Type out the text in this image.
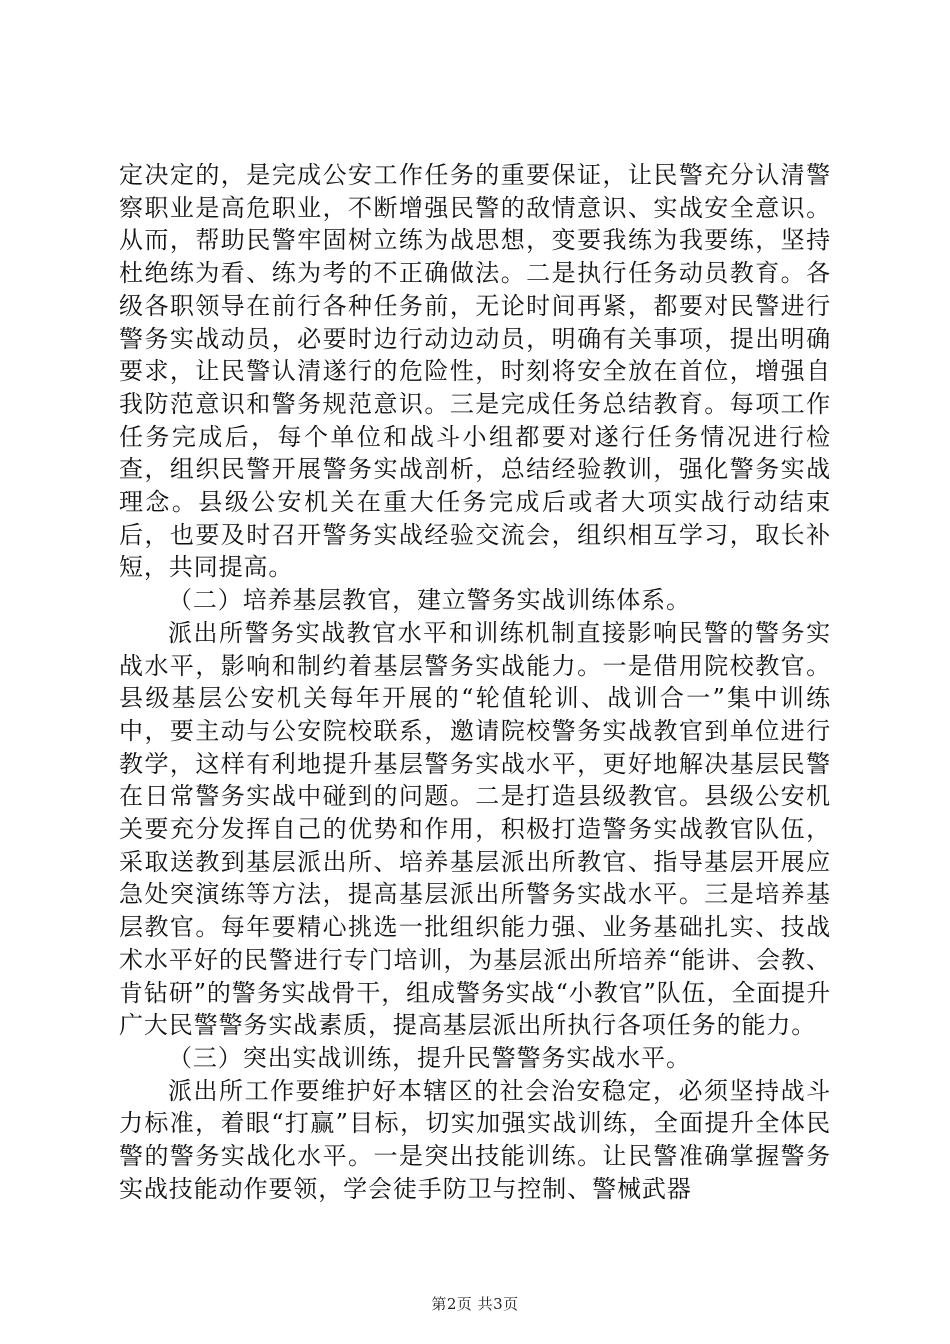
定决定的，是完成公安工作任务的重要保证，让民警充分认清警察职业是高危职业，不断增强民警的敌情意识、实战安全意识。从而，帮助民警牢固树立练为战思想，变要我练为我要练，坚持杜绝练为看、练为考的不正确做法。二是执行任务动员教育。各级各职领导在前行各种任务前，无论时间再紧，都要对民警进行警务实战动员，必要时边行动边动员，明确有关事项，提出明确要求，让民警认清遂行的危险性，时刻将安全放在首位，增强自我防范意识和警务规范意识。三是完成任务总结教育。每项工作任务完成后，每个单位和战斗小组都要对遂行任务情况进行检查，组织民警开展警务实战剖析，总结经验教训，强化警务实战理念。县级公安机关在重大任务完成后或者大项实战行动结束后，也要及时召开警务实战经验交流会，组织相互学习，取长补短，共同提高。

（二）培养基层教官，建立警务实战训练体系。

派出所警务实战教官水平和训练机制直接影响民警的警务实战水平，影响和制约着基层警务实战能力。一是借用院校教官。县级基层公安机关每年开展的“轮值轮训、战训合一”集中训练中，要主动与公安院校联系，邀请院校警务实战教官到单位进行教学，这样有利地提升基层警务实战水平，更好地解决基层民警在日常警务实战中碰到的问题。二是打造县级教官。县级公安机关要充分发挥自己的优势和作用，积极打造警务实战教官队伍，采取送教到基层派出所、培养基层派出所教官、指导基层开展应急处突演练等方法，提高基层派出所警务实战水平。三是培养基层教官。每年要精心挑选一批组织能力强、业务基础扎实、技战术水平好的民警进行专门培训，为基层派出所培养“能讲、会教、肯钻研”的警务实战骨干，组成警务实战“小教官”队伍，全面提升广大民警警务实战素质，提高基层派出所执行各项任务的能力。

（三）突出实战训练，提升民警警务实战水平。

派出所工作要维护好本辖区的社会治安稳定，必须坚持战斗力标准，着眼“打赢”目标，切实加强实战训练，全面提升全体民警的警务实战化水平。一是突出技能训练。让民警准确掌握警务实战技能动作要领，学会徒手防卫与控制、警械武器

第2页 共3页
